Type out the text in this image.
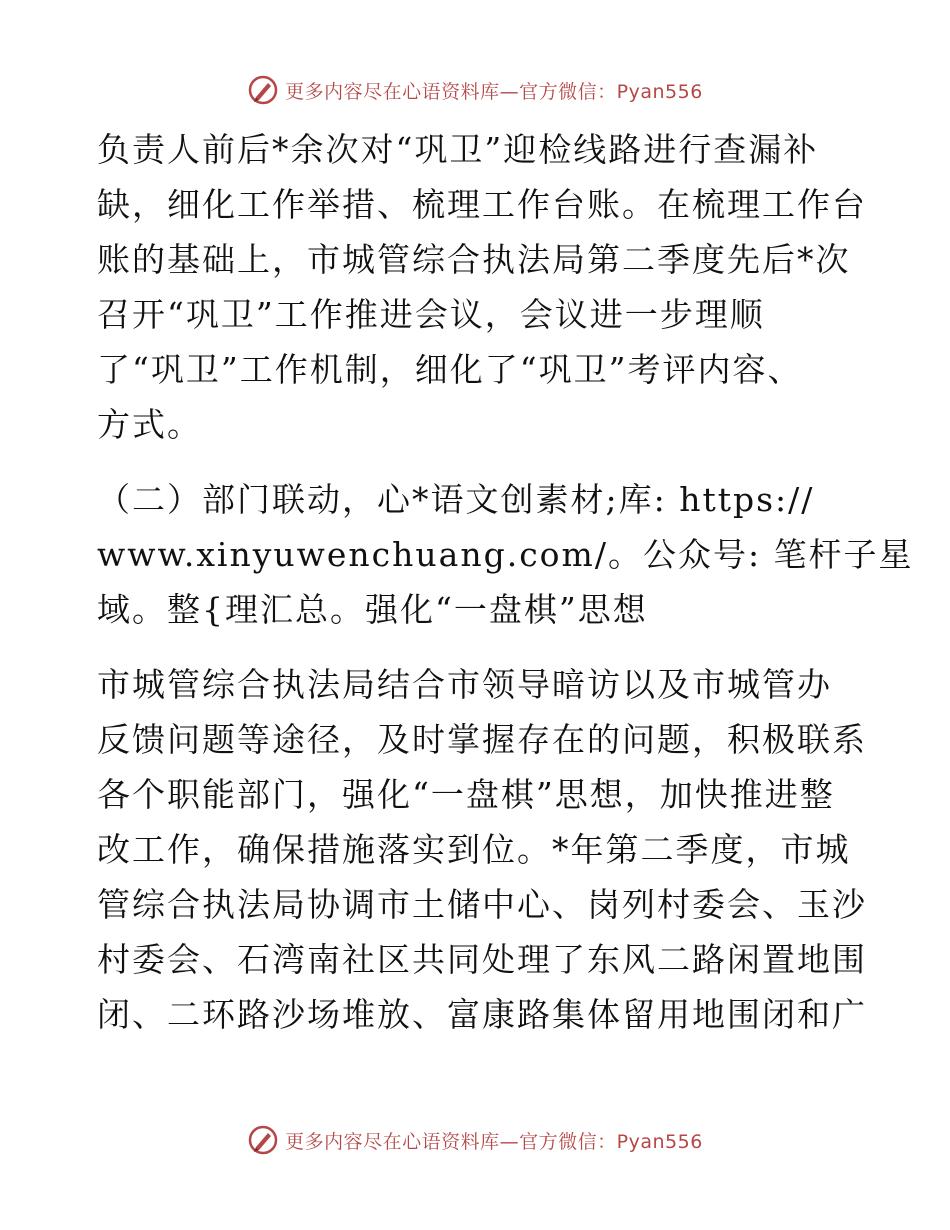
更多内容尽在心语资料库—官方微信：Pyan556

负责人前后*余次对“巩卫”迎检线路进行查漏补
缺，细化工作举措、梳理工作台账。在梳理工作台
账的基础上，市城管综合执法局第二季度先后*次
召开“巩卫”工作推进会议，会议进一步理顺
了“巩卫”工作机制，细化了“巩卫”考评内容、
方式。

（二）部门联动，心*语文创素材;库: https://
www.xinyuwenchuang.com/。公众号: 笔杆子星
域。整{理汇总。强化“一盘棋”思想

市城管综合执法局结合市领导暗访以及市城管办
反馈问题等途径，及时掌握存在的问题，积极联系
各个职能部门，强化“一盘棋”思想，加快推进整
改工作，确保措施落实到位。*年第二季度，市城
管综合执法局协调市土储中心、岗列村委会、玉沙
村委会、石湾南社区共同处理了东风二路闲置地围
闭、二环路沙场堆放、富康路集体留用地围闭和广

更多内容尽在心语资料库—官方微信：Pyan556
